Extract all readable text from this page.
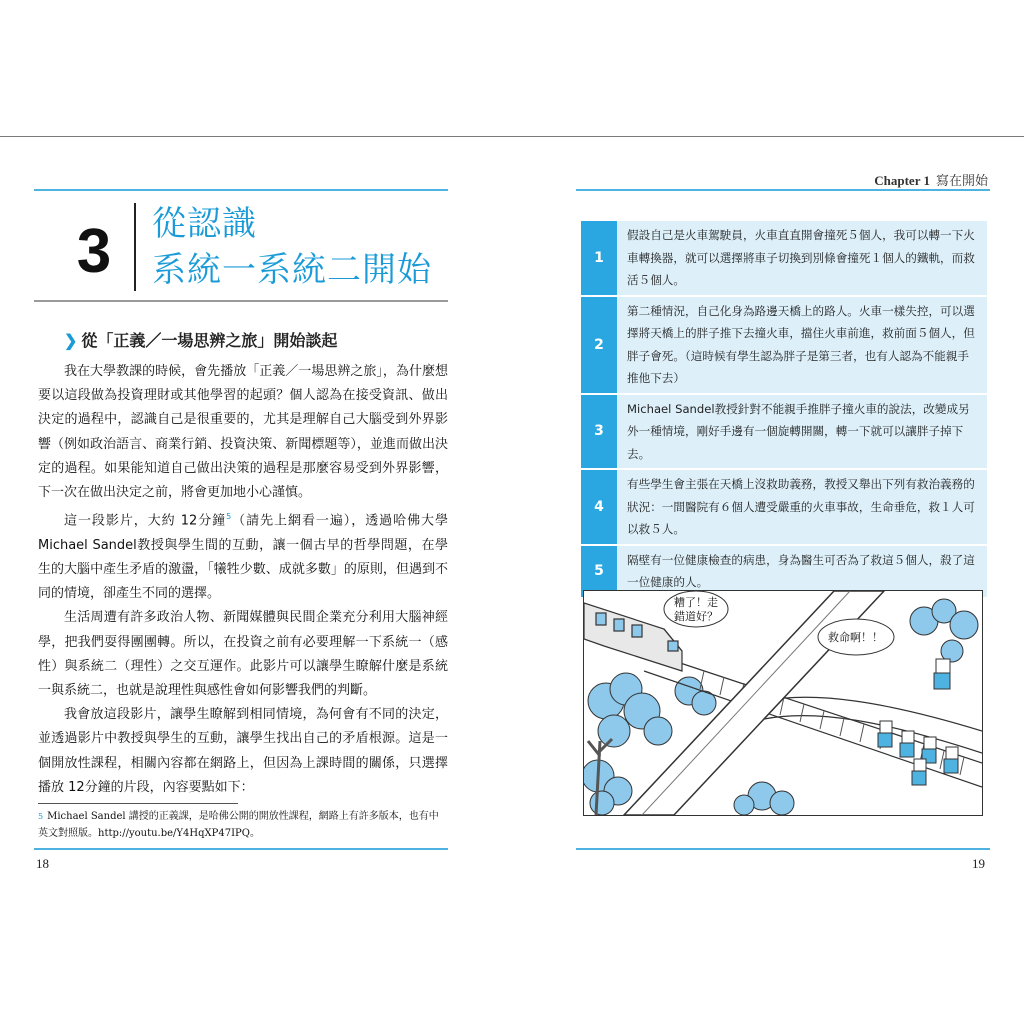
3	從認識
系統一系統二開始
❯ 從「正義／一場思辨之旅」開始談起

我在大學教課的時候，會先播放「正義／一場思辨之旅」，為什麼想要以這段做為投資理財或其他學習的起頭？個人認為在接受資訊、做出決定的過程中，認識自己是很重要的，尤其是理解自己大腦受到外界影響（例如政治語言、商業行銷、投資決策、新聞標題等），並進而做出決定的過程。如果能知道自己做出決策的過程是那麼容易受到外界影響，下一次在做出決定之前，將會更加地小心謹慎。

這一段影片，大約 12分鐘$^5$（請先上網看一遍），透過哈佛大學 Michael Sandel教授與學生間的互動，讓一個古早的哲學問題，在學生的大腦中產生矛盾的激盪，「犧牲少數、成就多數」的原則，但遇到不同的情境，卻產生不同的選擇。

生活周遭有許多政治人物、新聞媒體與民間企業充分利用大腦神經學，把我們耍得團團轉。所以，在投資之前有必要理解一下系統一（感性）與系統二（理性）之交互運作。此影片可以讓學生瞭解什麼是系統一與系統二，也就是說理性與感性會如何影響我們的判斷。

我會放這段影片，讓學生瞭解到相同情境，為何會有不同的決定，並透過影片中教授與學生的互動，讓學生找出自己的矛盾根源。這是一個開放性課程，相關內容都在網路上，但因為上課時間的關係，只選擇播放 12分鐘的片段，內容要點如下：

$^5$ Michael Sandel 講授的正義課，是哈佛公開的開放性課程，網路上有許多版本，也有中英文對照版。http://youtu.be/Y4HqXP47IPQ。
18
Chapter 1 寫在開始
1
假設自己是火車駕駛員，火車直直開會撞死５個人，我可以轉一下火車轉換器，就可以選擇將車子切換到別條會撞死１個人的鐵軌，而救活５個人。
2
第二種情況，自己化身為路邊天橋上的路人。火車一樣失控，可以選擇將天橋上的胖子推下去撞火車，擋住火車前進，救前面５個人，但胖子會死。（這時候有學生認為胖子是第三者，也有人認為不能親手推他下去）
3
Michael Sandel教授針對不能親手推胖子撞火車的說法，改變成另外一種情境，剛好手邊有一個旋轉開關，轉一下就可以讓胖子掉下去。
4
有些學生會主張在天橋上沒救助義務，教授又舉出下列有救治義務的狀況：一間醫院有６個人遭受嚴重的火車事故，生命垂危，救１人可以救５人。
5
隔壁有一位健康檢查的病患，身為醫生可否為了救這５個人，殺了這一位健康的人。
糟了！走
錯道好？
救命啊！！
19
